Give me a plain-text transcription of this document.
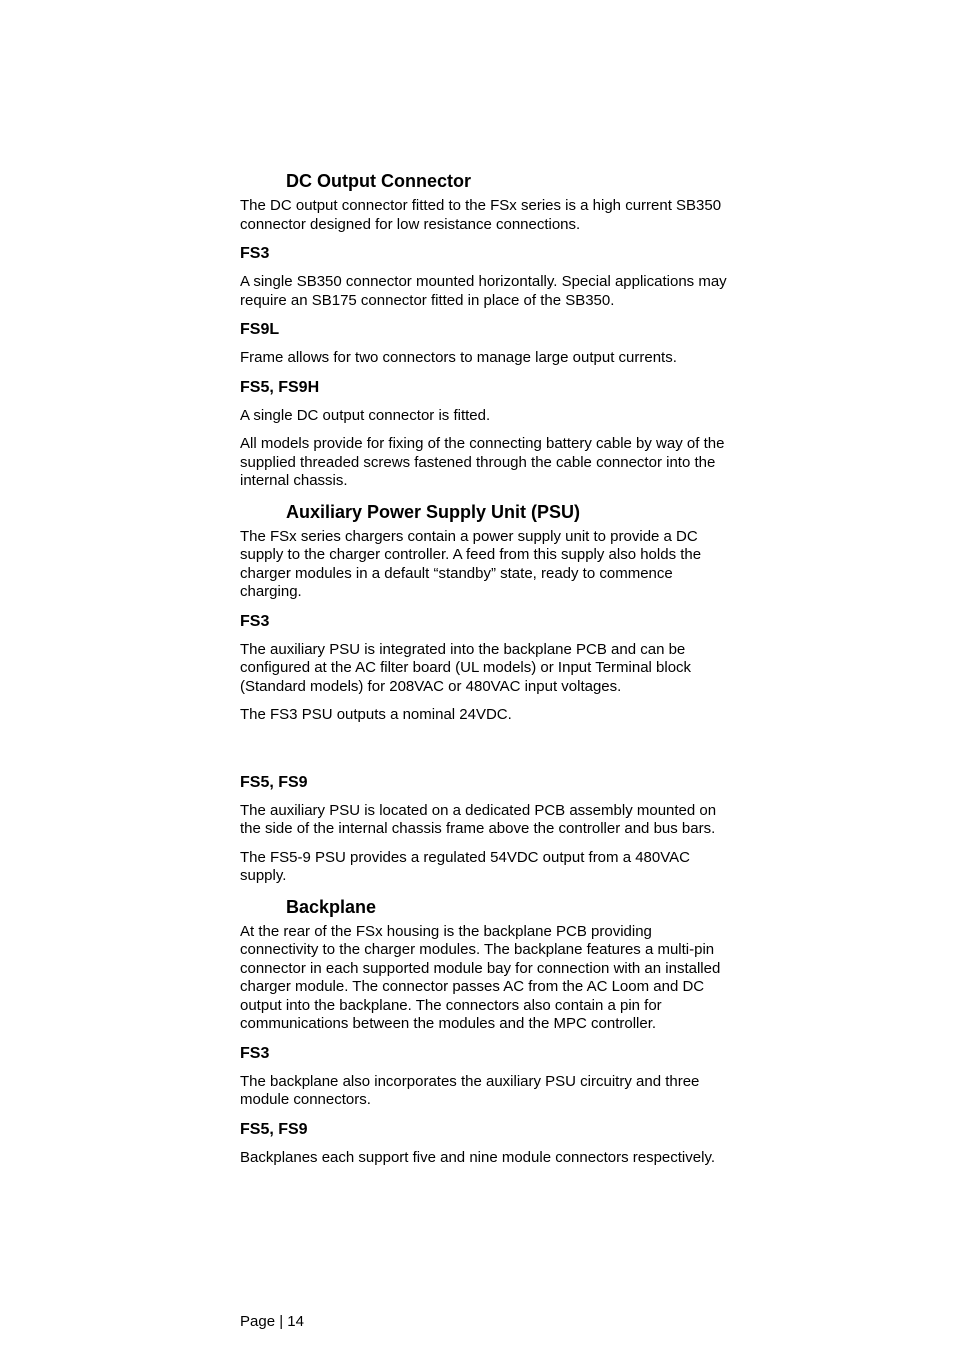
DC Output Connector

The DC output connector fitted to the FSx series is a high current SB350 connector designed for low resistance connections.

FS3

A single SB350 connector mounted horizontally. Special applications may require an SB175 connector fitted in place of the SB350.

FS9L

Frame allows for two connectors to manage large output currents.

FS5, FS9H

A single DC output connector is fitted.

All models provide for fixing of the connecting battery cable by way of the supplied threaded screws fastened through the cable connector into the internal chassis.

Auxiliary Power Supply Unit (PSU)

The FSx series chargers contain a power supply unit to provide a DC supply to the charger controller. A feed from this supply also holds the charger modules in a default “standby” state, ready to commence charging.

FS3

The auxiliary PSU is integrated into the backplane PCB and can be configured at the AC filter board (UL models) or Input Terminal block (Standard models) for 208VAC or 480VAC input voltages.

The FS3 PSU outputs a nominal 24VDC.

FS5, FS9

The auxiliary PSU is located on a dedicated PCB assembly mounted on the side of the internal chassis frame above the controller and bus bars.

The FS5-9 PSU provides a regulated 54VDC output from a 480VAC supply.

Backplane

At the rear of the FSx housing is the backplane PCB providing connectivity to the charger modules. The backplane features a multi-pin connector in each supported module bay for connection with an installed charger module. The connector passes AC from the AC Loom and DC output into the backplane. The connectors also contain a pin for communications between the modules and the MPC controller.

FS3

The backplane also incorporates the auxiliary PSU circuitry and three module connectors.

FS5, FS9

Backplanes each support five and nine module connectors respectively.

Page | 14
